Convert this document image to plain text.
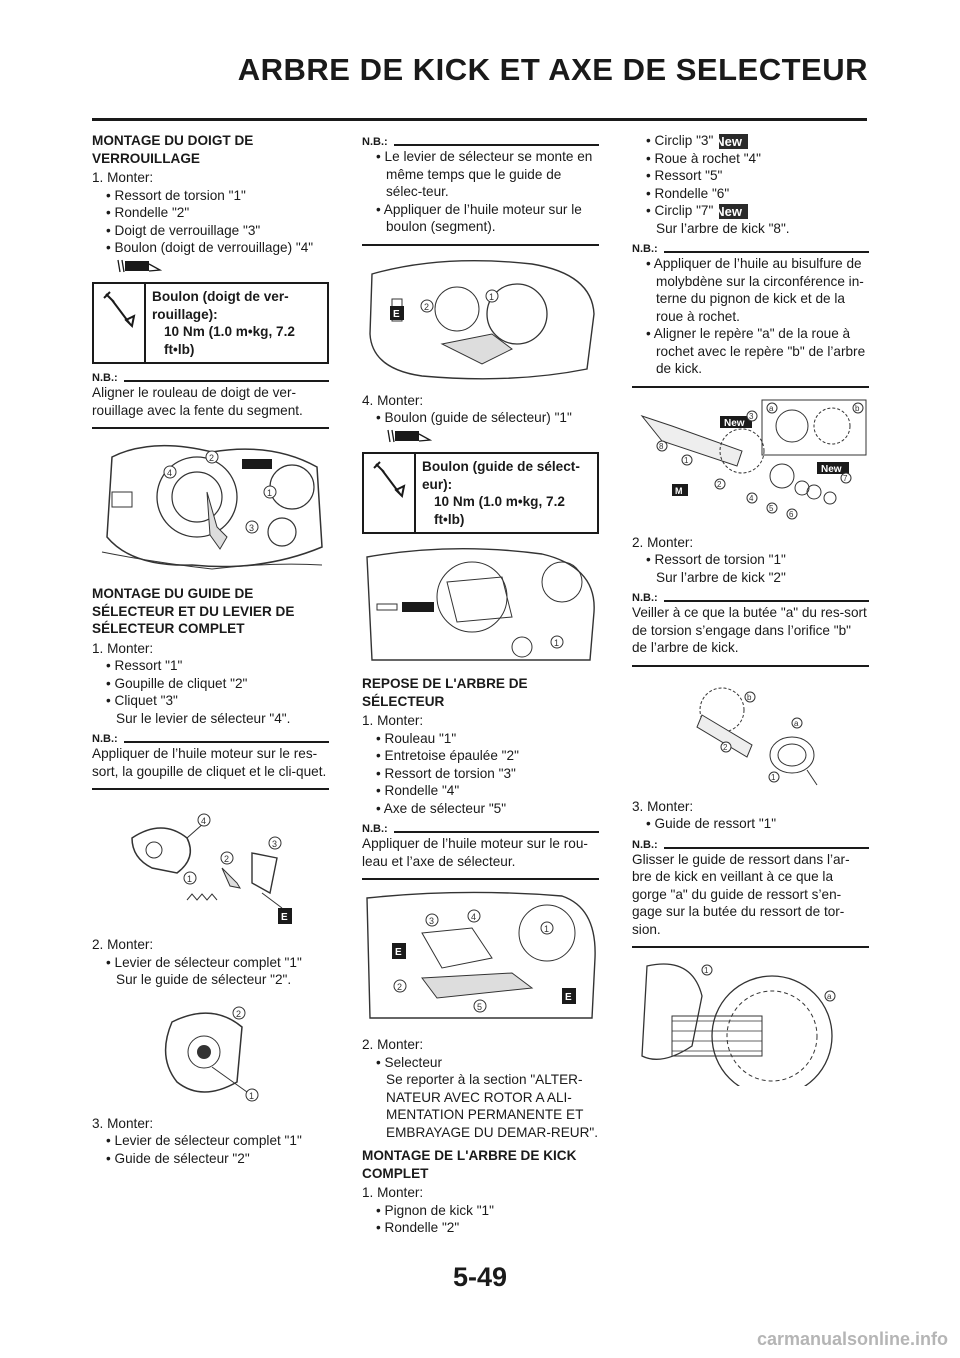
ARBRE DE KICK ET AXE DE SELECTEUR

MONTAGE DU DOIGT DE VERROUILLAGE

1. Monter:

• Ressort de torsion "1"

• Rondelle "2"

• Doigt de verrouillage "3"

• Boulon (doigt de verrouillage) "4"

Boulon (doigt de ver-rouillage):
10 Nm (1.0 m•kg, 7.2 ft•lb)
N.B.:

Aligner le rouleau de doigt de ver-rouillage avec la fente du segment.

4
2
1
3

MONTAGE DU GUIDE DE SÉLECTEUR ET DU LEVIER DE SÉLECTEUR COMPLET

1. Monter:

• Ressort "1"

• Goupille de cliquet "2"

• Cliquet "3"

Sur le levier de sélecteur "4".

N.B.:

Appliquer de l’huile moteur sur le res-sort, la goupille de cliquet et le cli-quet.

4
2
3
1
E

2. Monter:

• Levier de sélecteur complet "1"

Sur le guide de sélecteur "2".

2
1

3. Monter:

• Levier de sélecteur complet "1"

• Guide de sélecteur "2"

N.B.:

• Le levier de sélecteur se monte en même temps que le guide de sélec-teur.

• Appliquer de l’huile moteur sur le boulon (segment).

E
2
1

4. Monter:

• Boulon (guide de sélecteur) "1"

Boulon (guide de sélect-eur):
10 Nm (1.0 m•kg, 7.2 ft•lb)
1

REPOSE DE L'ARBRE DE SÉLECTEUR

1. Monter:

• Rouleau "1"

• Entretoise épaulée "2"

• Ressort de torsion "3"

• Rondelle "4"

• Axe de sélecteur "5"

N.B.:

Appliquer de l’huile moteur sur le rou-leau et l’axe de sélecteur.

E
E
3	4
1
2
5

2. Monter:

• Selecteur

Se reporter à la section "ALTER-NATEUR AVEC ROTOR A ALI-MENTATION PERMANENTE ET EMBRAYAGE DU DEMAR-REUR".

MONTAGE DE L'ARBRE DE KICK COMPLET

1. Monter:

• Pignon de kick "1"

• Rondelle "2"

• Circlip "3" New

• Roue à rochet "4"

• Ressort "5"

• Rondelle "6"

• Circlip "7" New

Sur l’arbre de kick "8".

N.B.:

• Appliquer de l’huile au bisulfure de molybdène sur la circonférence in-terne du pignon de kick et de la roue à rochet.

• Aligner le repère "a" de la roue à rochet avec le repère "b" de l’arbre de kick.

a	b
New
New
M
8
1
2
4
5
6
3
7

2. Monter:

• Ressort de torsion "1"

Sur l’arbre de kick "2"

N.B.:

Veiller à ce que la butée "a" du res-sort de torsion s’engage dans l’orifice "b" de l’arbre de kick.

b
a
2
1

3. Monter:

• Guide de ressort "1"

N.B.:

Glisser le guide de ressort dans l’ar-bre de kick en veillant à ce que la gorge "a" du guide de ressort s’en-gage sur la butée du ressort de tor-sion.

1
a
5-49
carmanualsonline.info
